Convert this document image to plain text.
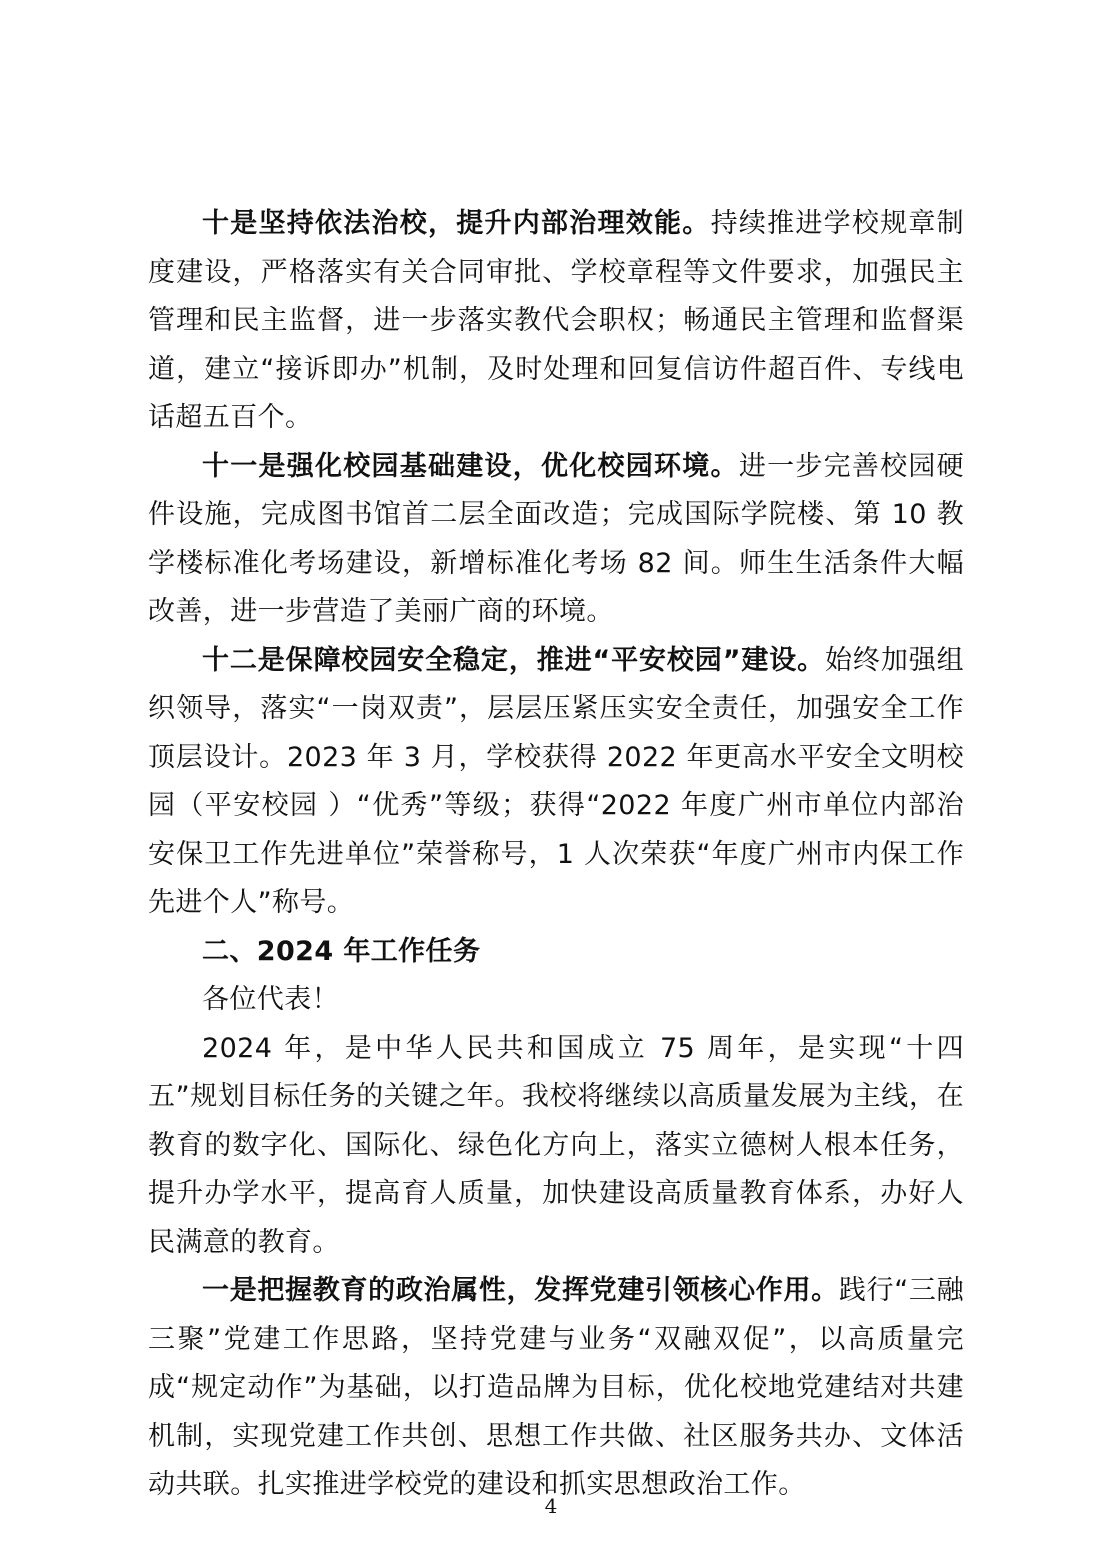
十是坚持依法治校，提升内部治理效能。持续推进学校规章制度建设，严格落实有关合同审批、学校章程等文件要求，加强民主管理和民主监督，进一步落实教代会职权；畅通民主管理和监督渠道，建立“接诉即办”机制，及时处理和回复信访件超百件、专线电话超五百个。

十一是强化校园基础建设，优化校园环境。进一步完善校园硬件设施，完成图书馆首二层全面改造；完成国际学院楼、第 10 教学楼标准化考场建设，新增标准化考场 82 间。师生生活条件大幅改善，进一步营造了美丽广商的环境。

十二是保障校园安全稳定，推进“平安校园”建设。始终加强组织领导，落实“一岗双责”，层层压紧压实安全责任，加强安全工作顶层设计。2023 年 3 月，学校获得 2022 年更高水平安全文明校园（平安校园 ）“优秀”等级；获得“2022 年度广州市单位内部治安保卫工作先进单位”荣誉称号，1 人次荣获“年度广州市内保工作先进个人”称号。

二、2024 年工作任务

各位代表！

2024 年，是中华人民共和国成立 75 周年，是实现“十四五”规划目标任务的关键之年。我校将继续以高质量发展为主线，在教育的数字化、国际化、绿色化方向上，落实立德树人根本任务，提升办学水平，提高育人质量，加快建设高质量教育体系，办好人民满意的教育。

一是把握教育的政治属性，发挥党建引领核心作用。践行“三融三聚”党建工作思路，坚持党建与业务“双融双促”，以高质量完成“规定动作”为基础，以打造品牌为目标，优化校地党建结对共建机制，实现党建工作共创、思想工作共做、社区服务共办、文体活动共联。扎实推进学校党的建设和抓实思想政治工作。

4
